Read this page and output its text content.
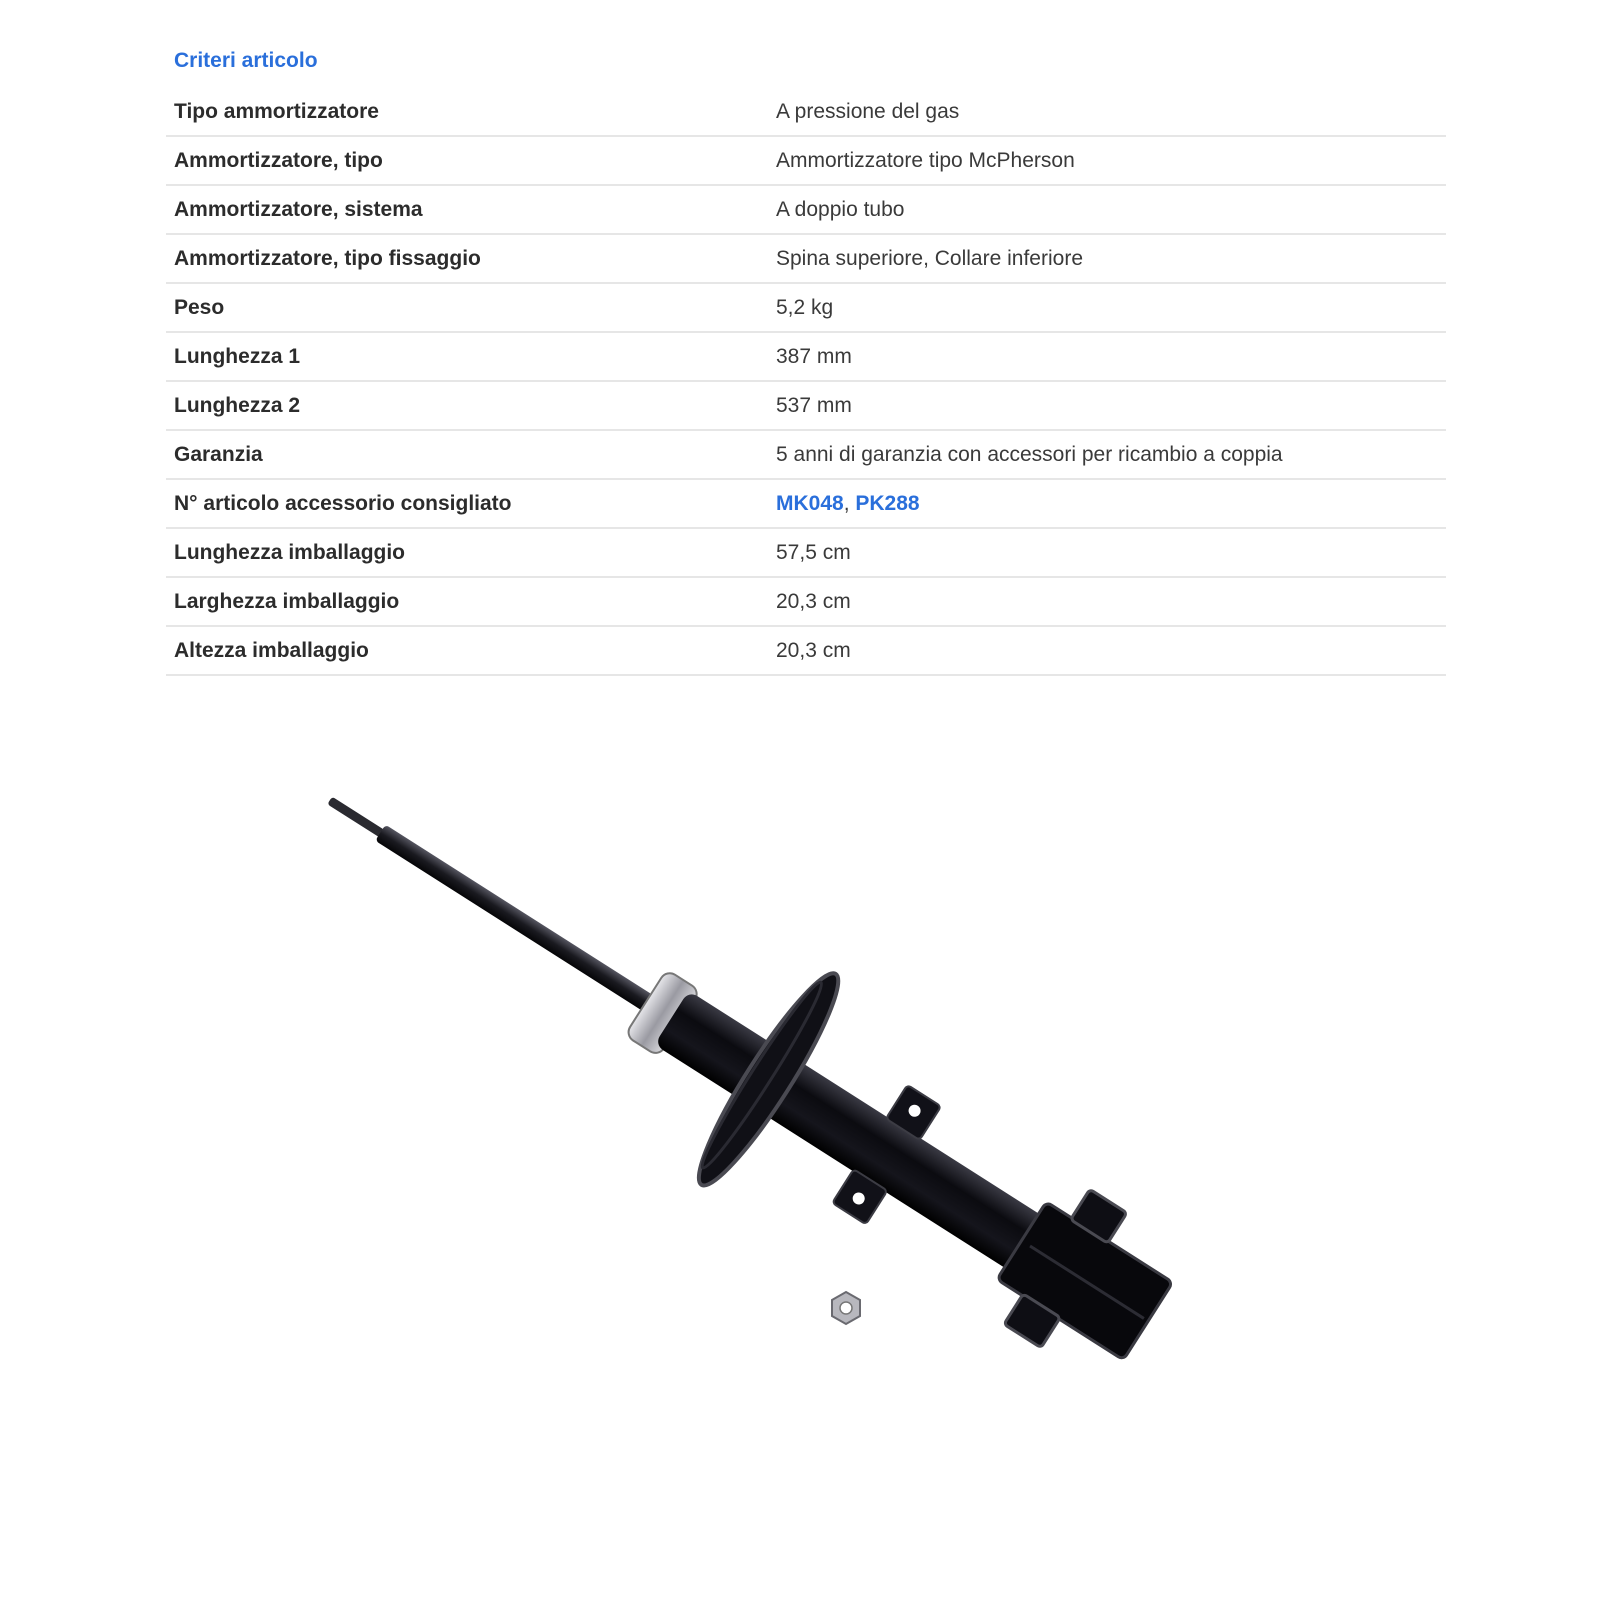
Criteri articolo
Tipo ammortizzatore	A pressione del gas
Ammortizzatore, tipo	Ammortizzatore tipo McPherson
Ammortizzatore, sistema	A doppio tubo
Ammortizzatore, tipo fissaggio	Spina superiore, Collare inferiore
Peso	5,2 kg
Lunghezza 1	387 mm
Lunghezza 2	537 mm
Garanzia	5 anni di garanzia con accessori per ricambio a coppia
N° articolo accessorio consigliato	MK048, PK288
Lunghezza imballaggio	57,5 cm
Larghezza imballaggio	20,3 cm
Altezza imballaggio	20,3 cm
